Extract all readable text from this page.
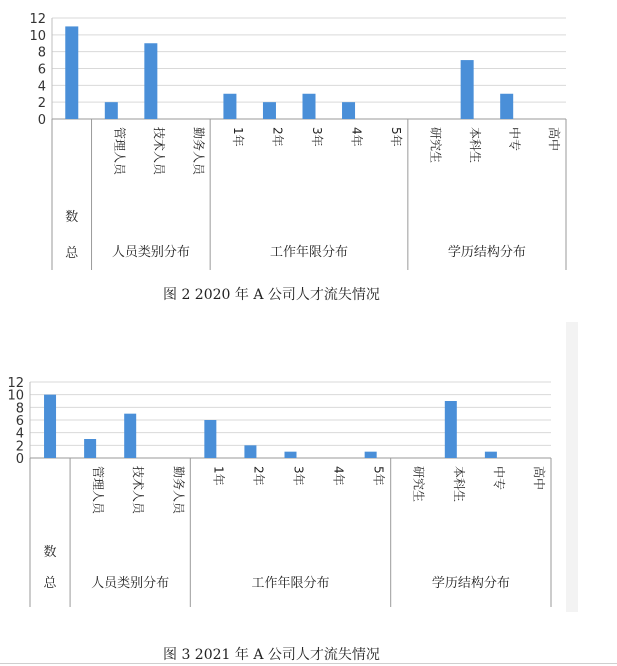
0
2
4
6
8
10
12
人员类别分布	工作年限分布	学历结构分布
数
总
管理人员 技术人员 勤务人员 1年 2年 3年 4年 5年 研究生 本科生 中专 高中
图 2 2020 年 A 公司人才流失情况
0
2
4
6
8
10
12
人员类别分布	工作年限分布	学历结构分布
数
总
管理人员 技术人员 勤务人员 1年 2年 3年 4年 5年 研究生 本科生 中专 高中
图 3 2021 年 A 公司人才流失情况
